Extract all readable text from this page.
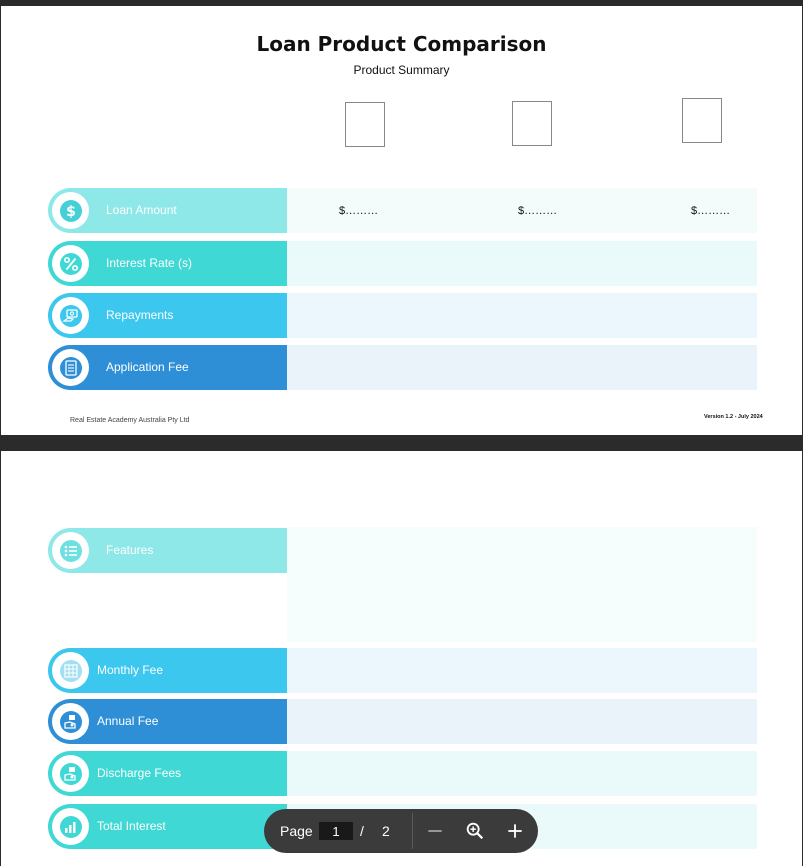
Loan Product Comparison
Product Summary
$	Loan Amount	$………	$………	$………
Interest Rate (s)
Repayments
Application Fee
Real Estate Academy Australia Pty Ltd	Version 1.2 - July 2024
Features
Monthly Fee
Annual Fee
Discharge Fees
Total Interest	Page
1	/ 2
